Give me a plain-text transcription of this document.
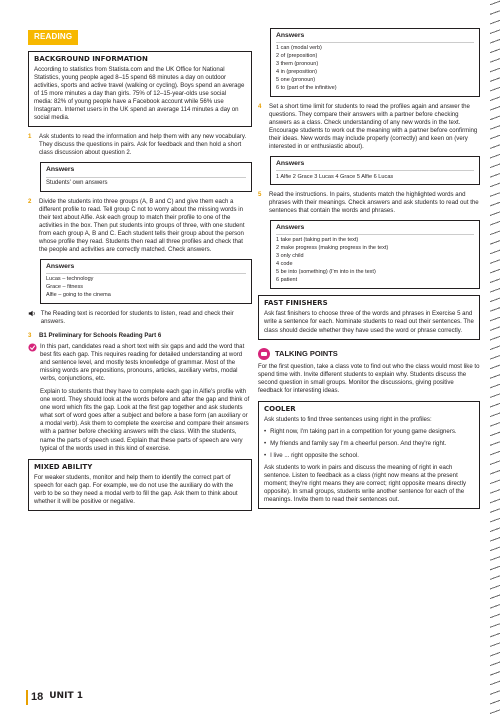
READING
BACKGROUND INFORMATION
According to statistics from Statista.com and the UK Office for National Statistics, young people aged 8–15 spend 68 minutes a day on outdoor activities, sports and active travel (walking or cycling). Boys spend an average of 15 more minutes a day than girls. 75% of 12–15-year-olds use social media: 82% of young people have a Facebook account while 56% use Instagram. Internet users in the UK spend an average 114 minutes a day on social media.
1	Ask students to read the information and help them with any new vocabulary. They discuss the questions in pairs. Ask for feedback and then hold a short class discussion about question 2.
Answers
Students' own answers
2	Divide the students into three groups (A, B and C) and give them each a different profile to read. Tell group C not to worry about the missing words in their text about Alfie. Ask each group to match their profile to one of the activities in the box. Then put students into groups of three, with one student from each group A, B and C. Each student tells their group about the person whose profile they read. Students then read all three profiles and check that the people and activities are correctly matched. Check answers.
Answers
Lucas – technology
Grace – fitness
Alfie – going to the cinema
The Reading text is recorded for students to listen, read and check their answers.
3	B1 Preliminary for Schools Reading Part 6
In this part, candidates read a short text with six gaps and add the word that best fits each gap. This requires reading for detailed understanding at word and sentence level, and mostly tests knowledge of grammar. Most of the missing words are prepositions, pronouns, articles, auxiliary verbs, modal verbs, conjunctions, etc.
Explain to students that they have to complete each gap in Alfie's profile with one word. They should look at the words before and after the gap and think of one word which fits the gap. Look at the first gap together and ask students what sort of word goes after a subject and before a base form (an auxiliary or a modal verb). Ask them to complete the exercise and compare their answers with a partner before checking answers with the class. With the students, name the parts of speech used. Explain that these parts of speech are very typical of the words used in this kind of exercise.
MIXED ABILITY
For weaker students, monitor and help them to identify the correct part of speech for each gap. For example, we do not use the auxiliary do with the verb to be so they need a modal verb to fill the gap. Ask them to think about whether it will be positive or negative.
Answers
1 can (modal verb)
2 of (preposition)
3 them (pronoun)
4 in (preposition)
5 one (pronoun)
6 to (part of the infinitive)
4	Set a short time limit for students to read the profiles again and answer the questions. They compare their answers with a partner before checking answers as a class. Check understanding of any new words in the text. Encourage students to work out the meaning with a partner before confirming their ideas. New words may include properly (correctly) and keen on (very interested in or enthusiastic about).
Answers
1 Alfie 2 Grace 3 Lucas 4 Grace 5 Alfie 6 Lucas
5	Read the instructions. In pairs, students match the highlighted words and phrases with their meanings. Check answers and ask students to read out the sentences that contain the words and phrases.
Answers
1 take part (taking part in the text)
2 make progress (making progress in the text)
3 only child
4 code
5 be into (something) (I'm into in the text)
6 patient
FAST FINISHERS
Ask fast finishers to choose three of the words and phrases in Exercise 5 and write a sentence for each. Nominate students to read out their sentences. The class should decide whether they have used the word or phrase correctly.
TALKING POINTS
For the first question, take a class vote to find out who the class would most like to spend time with. Invite different students to explain why. Students discuss the second question in small groups. Monitor the discussions, giving positive feedback for interesting ideas.
COOLER
Ask students to find three sentences using right in the profiles:
• Right now, I'm taking part in a competition for young game designers.
• My friends and family say I'm a cheerful person. And they're right.
• I live ... right opposite the school.
Ask students to work in pairs and discuss the meaning of right in each sentence. Listen to feedback as a class (right now means at the present moment; they're right means they are correct; right opposite means directly opposite). In small groups, students write another sentence for each of the meanings. Invite them to read their sentences out.
18 UNIT 1
